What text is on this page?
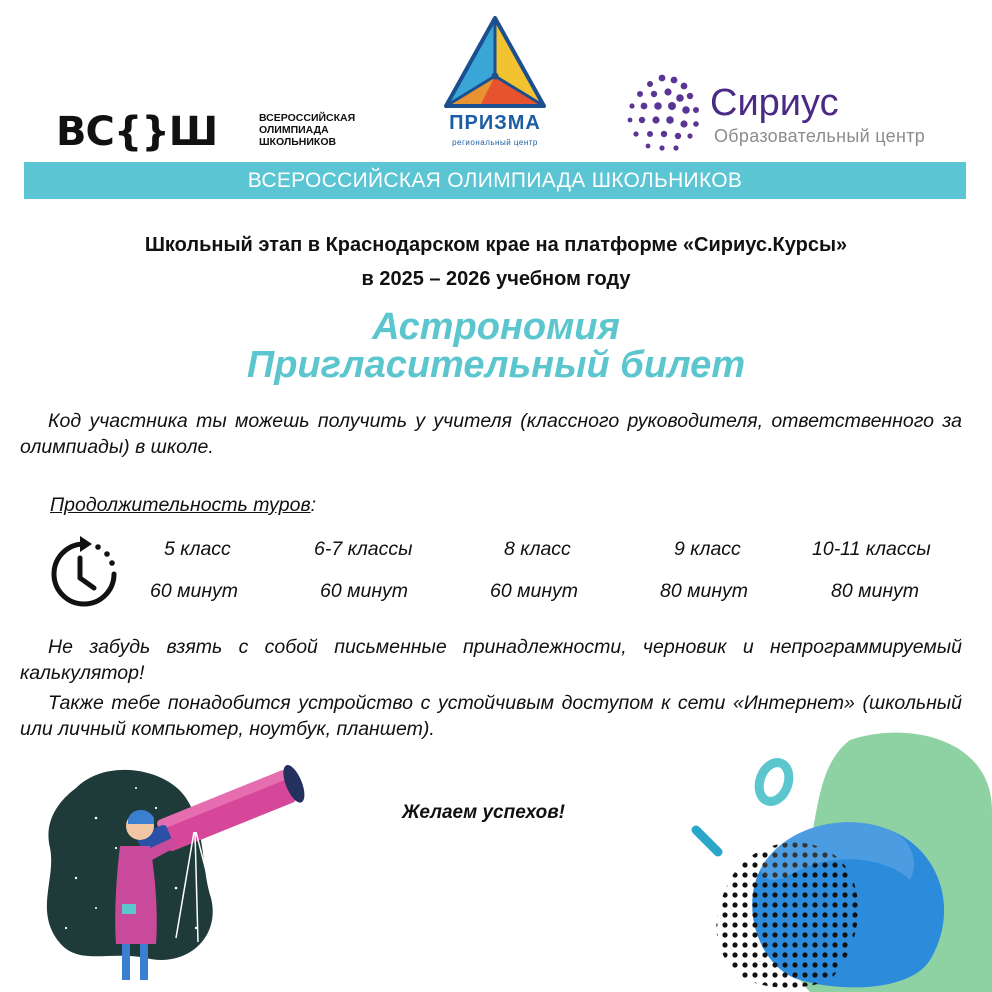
ВС{}Ш	ВСЕРОССИЙСКАЯ
ОЛИМПИАДА
ШКОЛЬНИКОВ
ПРИЗМА
региональный центр
Сириус
Образовательный центр
ВСЕРОССИЙСКАЯ ОЛИМПИАДА ШКОЛЬНИКОВ
Школьный этап в Краснодарском крае на платформе «Сириус.Курсы»
в 2025 – 2026 учебном году
Астрономия
Пригласительный билет
Код участника ты можешь получить у учителя (классного руководителя, ответственного за олимпиады) в школе.
Продолжительность туров:
5 класс	6-7 классы	8 класс	9 класс	10-11 классы
60 минут	60 минут	60 минут	80 минут	80 минут
Не забудь взять с собой письменные принадлежности, черновик и непрограммируемый калькулятор!
Также тебе понадобится устройство с устойчивым доступом к сети «Интернет» (школьный или личный компьютер, ноутбук, планшет).
Желаем успехов!
